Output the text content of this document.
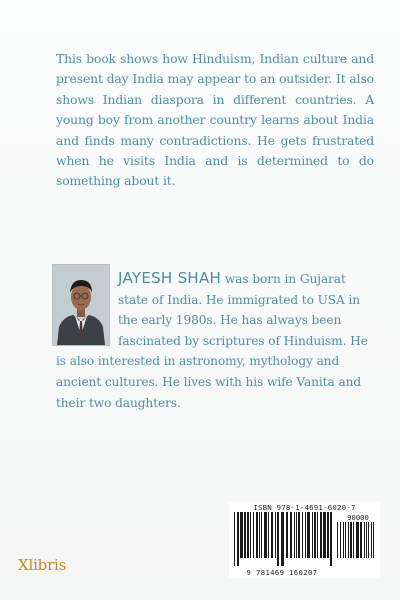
This book shows how Hinduism, Indian culture and present day India may appear to an outsider. It also shows Indian diaspora in different countries. A young boy from another country learns about India and finds many contradictions. He gets frustrated when he visits India and is determined to do something about it.

JAYESH SHAH was born in Gujarat state of India. He immigrated to USA in the early 1980s. He has always been fascinated by scriptures of Hinduism. He is also interested in astronomy, mythology and ancient cultures. He lives with his wife Vanita and their two daughters.

ISBN 978-1-4691-6020-7
90000
9 781469 160207
Xlibris
